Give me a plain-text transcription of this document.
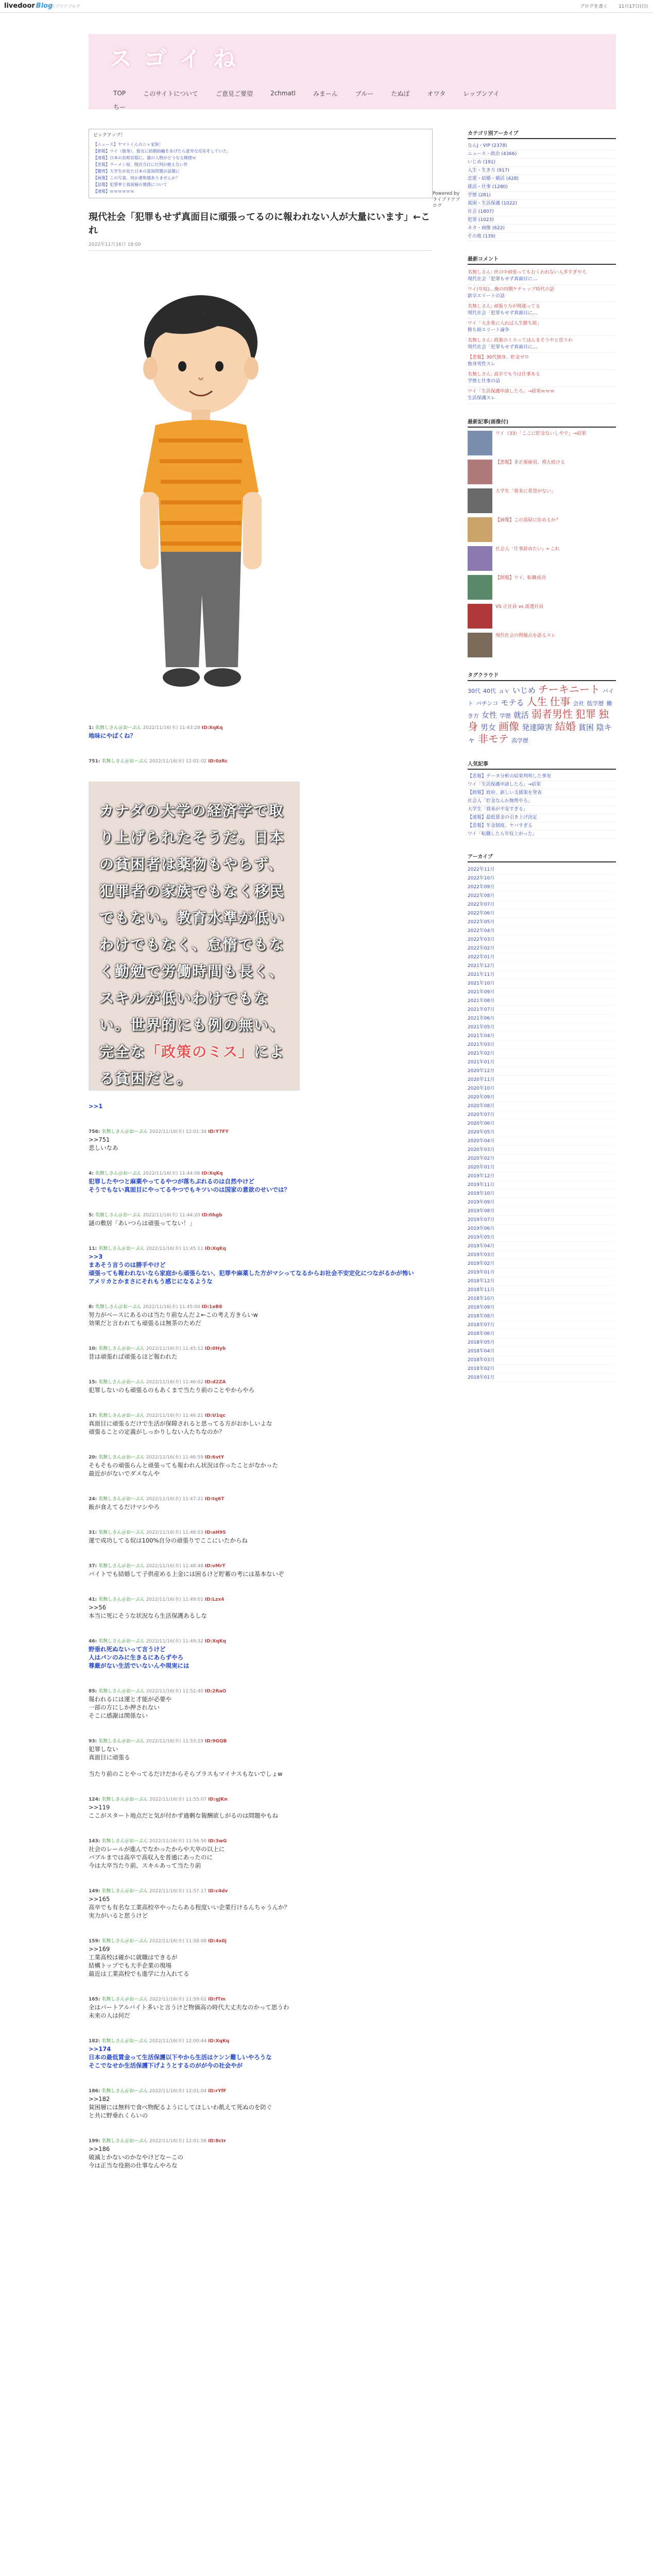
livedoor Blog
ライブドアブログ	ブログを書く 11月17日(日)
ス ゴ イ ね
TOP	このサイトについて	ご意見ご要望	2chmatl	みまーん	ブルー	たぬぽ	オワタ	レップンアイ
ちー
ピックアップ！
【ニュース】ヤマトくんのニャ家族！
【朗報】ワイ（独身）、彼女に結婚指輪をあげたら意外な反応をしていた。
【速報】日本の首相官邸に、謎の人物がどうなる模様ｗ
【悲報】ラーメン屋、開店当日に行列が絶えない件
【驚愕】大学生が見た日本の貧困問題が話題に
【画像】この写真、何か違和感ありませんか？
【話題】犯罪率と貧困層の関係について
【速報】ｗｗｗｗｗｗ
現代社会「犯罪もせず真面目に頑張ってるのに報われない人が大量にいます」←これ
2022年11月16日 18:00
1: 名無しさん＠おーぷん 2022/11/16(水) 11:43:28 ID:XqKq
地味にやばくね？
751: 名無しさん＠おーぷん 2022/11/16(水) 12:01:02 ID:0zRc
カナダの大学の経済学で取り上げられたそうだ。日本の貧困者は薬物もやらず、犯罪者の家族でもなく移民でもない。教育水準が低いわけでもなく、怠惰でもなく勤勉で労働時間も長く、スキルが低いわけでもない。世界的にも例の無い、完全な「政策のミス」による貧困だと。
>>1
756: 名無しさん＠おーぷん 2022/11/16(水) 12:01:34 ID:Y7FY
>>751
悲しいなあ
4: 名無しさん＠おーぷん 2022/11/16(水) 11:44:06 ID:XqKq
犯罪したやつと麻薬やってるやつが落ちぶれるのは自然やけど
そうでもない真面目にやってるやつでもキツいのは国家の意欲のせいでは？
5: 名無しさん＠おーぷん 2022/11/16(水) 11:44:20 ID:0hgb
謎の敷居「あいつらは頑張ってない！」
11: 名無しさん＠おーぷん 2022/11/16(水) 11:45:11 ID:XqKq
>>3
まあそう言うのは勝手やけど
頑張っても報われないなら家庭から頑張らない、犯罪や麻薬した方がマシってなるからお社会不安定化につながるかが怖い
アメリカとかまさにそれもう感じになるような
8: 名無しさん＠おーぷん 2022/11/16(水) 11:45:00 ID:1eB8
努力がベースにあるのは当たり前なんだよ←この考え方きらいw
効果だと言われても頑張るは無茶のためだ
10: 名無しさん＠おーぷん 2022/11/16(水) 11:45:12 ID:0Hyb
昔は頑張れば頑張るほど報われた
15: 名無しさん＠おーぷん 2022/11/16(水) 11:46:02 ID:d2ZA
犯罪しないのも頑張るのもあくまで当たり前のことやからやろ
17: 名無しさん＠おーぷん 2022/11/16(水) 11:46:21 ID:U1qc
真面目に頑張るだけで生活が保障されると思ってる方がおかしいよな
頑張ることの定義がしっかりしない人たちなのか？
20: 名無しさん＠おーぷん 2022/11/16(水) 11:46:59 ID:6vtY
そもそもの頑張らんと頑張っても報われん状況は作ったことがなかった
最近ががないでダメなんや
24: 名無しさん＠おーぷん 2022/11/16(水) 11:47:21 ID:tq6T
飯が食えてるだけマシやろ
31: 名無しさん＠おーぷん 2022/11/16(水) 11:48:03 ID:aH9S
運で成功してる奴は100%自分の頑張りでここにいたからね
37: 名無しさん＠おーぷん 2022/11/16(水) 11:48:48 ID:vMrT
バイトでも結婚して子供産める上金には困るけど貯蓄の考には基本ないぞ
41: 名無しさん＠おーぷん 2022/11/16(水) 11:49:01 ID:Lzx4
>>56
本当に死にそうな状況なら生活保護あるしな
46: 名無しさん＠おーぷん 2022/11/16(水) 11:49:32 ID:XqKq
野垂れ死ぬないって言うけど
人はパンのみに生きるにあらずやろ
尊厳がない生活でいないんや現実には
85: 名無しさん＠おーぷん 2022/11/16(水) 11:52:40 ID:2RaO
報われるには運と才能が必要や
一部の方にしか押されない
そこに感謝は関係ない
93: 名無しさん＠おーぷん 2022/11/16(水) 11:53:29 ID:9GQB
犯罪しない
真面目に頑張る

当たり前のことやってるだけだからそらプラスもマイナスもないでしょw
124: 名無しさん＠おーぷん 2022/11/16(水) 11:55:07 ID:gJKn
>>119
ここがスタート地点だと気が付かず過剰な報酬欲しがるのは問題やもね
143: 名無しさん＠おーぷん 2022/11/16(水) 11:56:50 ID:3wG
社会のレールが進んでなかったからや大卒の以上に
バブルまでは高卒で高収入を普通にあったのに
今は大卒当たり前、スキルあって当たり前
149: 名無しさん＠おーぷん 2022/11/16(水) 11:57:17 ID:c4dv
>>165
高卒でも有名な工業高校卒やったらある程度いい企業行けるんちゃうんか？
実力がいると思うけど
159: 名無しさん＠おーぷん 2022/11/16(水) 11:58:08 ID:4x0j
>>169
工業高校は確かに就職はできるが
結構トップでも大手企業の現場
最近は工業高校でも進学に力入れてる
165: 名無しさん＠おーぷん 2022/11/16(水) 11:59:02 ID:fTm
全はパートアルバイト多いと言うけど物価高の時代大丈夫なのかって思うわ
未来の人は何だ
182: 名無しさん＠おーぷん 2022/11/16(水) 12:00:44 ID:XqKq
>>174
日本の最低賃金って生活保護以下やから生活はケンン難しいやろうな
そこでなせか生活保護下げようとするのがが今の社会やが
186: 名無しさん＠おーぷん 2022/11/16(水) 12:01:04 ID:rYfF
>>182
貧困層には無料で食べ物配るようにしてほしいわ飢えて死ぬのを防ぐ
と共に野垂れくらいの
199: 名無しさん＠おーぷん 2022/11/16(水) 12:01:56 ID:8ctr
>>186
破滅とかないのかなやけどなーこの
今は正当な役割の仕事なんやろな
Powered by ライブドアブログ
カテゴリ別アーカイブ
なんJ・VIP (2378)
ニュース・政治 (4366)
いじめ (191)
人生・生き方 (917)
恋愛・結婚・婚活 (428)
就活・仕事 (1280)
学歴 (281)
貧困・生活保護 (1022)
社会 (1807)
犯罪 (1023)
ネタ・画像 (622)
その他 (139)
最新コメント
名無しさん: 世の中頑張ってもむくわれない人多すぎやろ
現代社会「犯罪もせず真面目に…
ワイ(年収)…俺の同期ケチャップ時代の話
新卒エリートの話
名無しさん: 頑張り方が間違ってる
現代社会「犯罪もせず真面目に…
ワイ「大企業に入れば人生勝ち組」
勝ち組エリート論争
名無しさん: 政策のミスってほんまそうやと思うわ
現代社会「犯罪もせず真面目に…
【悲報】30代独身、貯金ゼロ
独身男性スレ
名無しさん: 高卒でも今は仕事ある
学歴と仕事の話
ワイ「生活保護申請したろ」→結果ｗｗｗ
生活保護スレ
最新記事(画像付)
ワイ（33）「ここに貯金ないしやで」→結果
【悲報】非正規雇用、増え続ける
大学生「将来に希望がない」
【画像】この部屋に住めるか？
社会人「仕事辞めたい」←これ
【朗報】ワイ、転職成功
VS 正社員 vs 派遣社員
現代社会の問題点を語るスレ
タグクラウド
30代 40代 ａｖ いじめ チーキニート バイト パチンコ モテる 人生 仕事 会社 低学歴 働き方 女性 学歴 就活 弱者男性 犯罪 独身 男女 画像 発達障害 結婚 貧困 陰キャ 非モテ 高学歴
人気記事
【悲報】データ分析の結果判明した事実
ワイ「生活保護申請したろ」→結果
【朗報】政府、新しい支援策を発表
社会人「貯金なんか無理やろ」
大学生「将来が不安すぎる」
【速報】最低賃金の引き上げ決定
【悲報】年金制度、ヤバすぎる
ワイ「転職したら年収上がった」
アーカイブ
2022年11月
2022年10月
2022年09月
2022年08月
2022年07月
2022年06月
2022年05月
2022年04月
2022年03月
2022年02月
2022年01月
2021年12月
2021年11月
2021年10月
2021年09月
2021年08月
2021年07月
2021年06月
2021年05月
2021年04月
2021年03月
2021年02月
2021年01月
2020年12月
2020年11月
2020年10月
2020年09月
2020年08月
2020年07月
2020年06月
2020年05月
2020年04月
2020年03月
2020年02月
2020年01月
2019年12月
2019年11月
2019年10月
2019年09月
2019年08月
2019年07月
2019年06月
2019年05月
2019年04月
2019年03月
2019年02月
2019年01月
2018年12月
2018年11月
2018年10月
2018年09月
2018年08月
2018年07月
2018年06月
2018年05月
2018年04月
2018年03月
2018年02月
2018年01月
